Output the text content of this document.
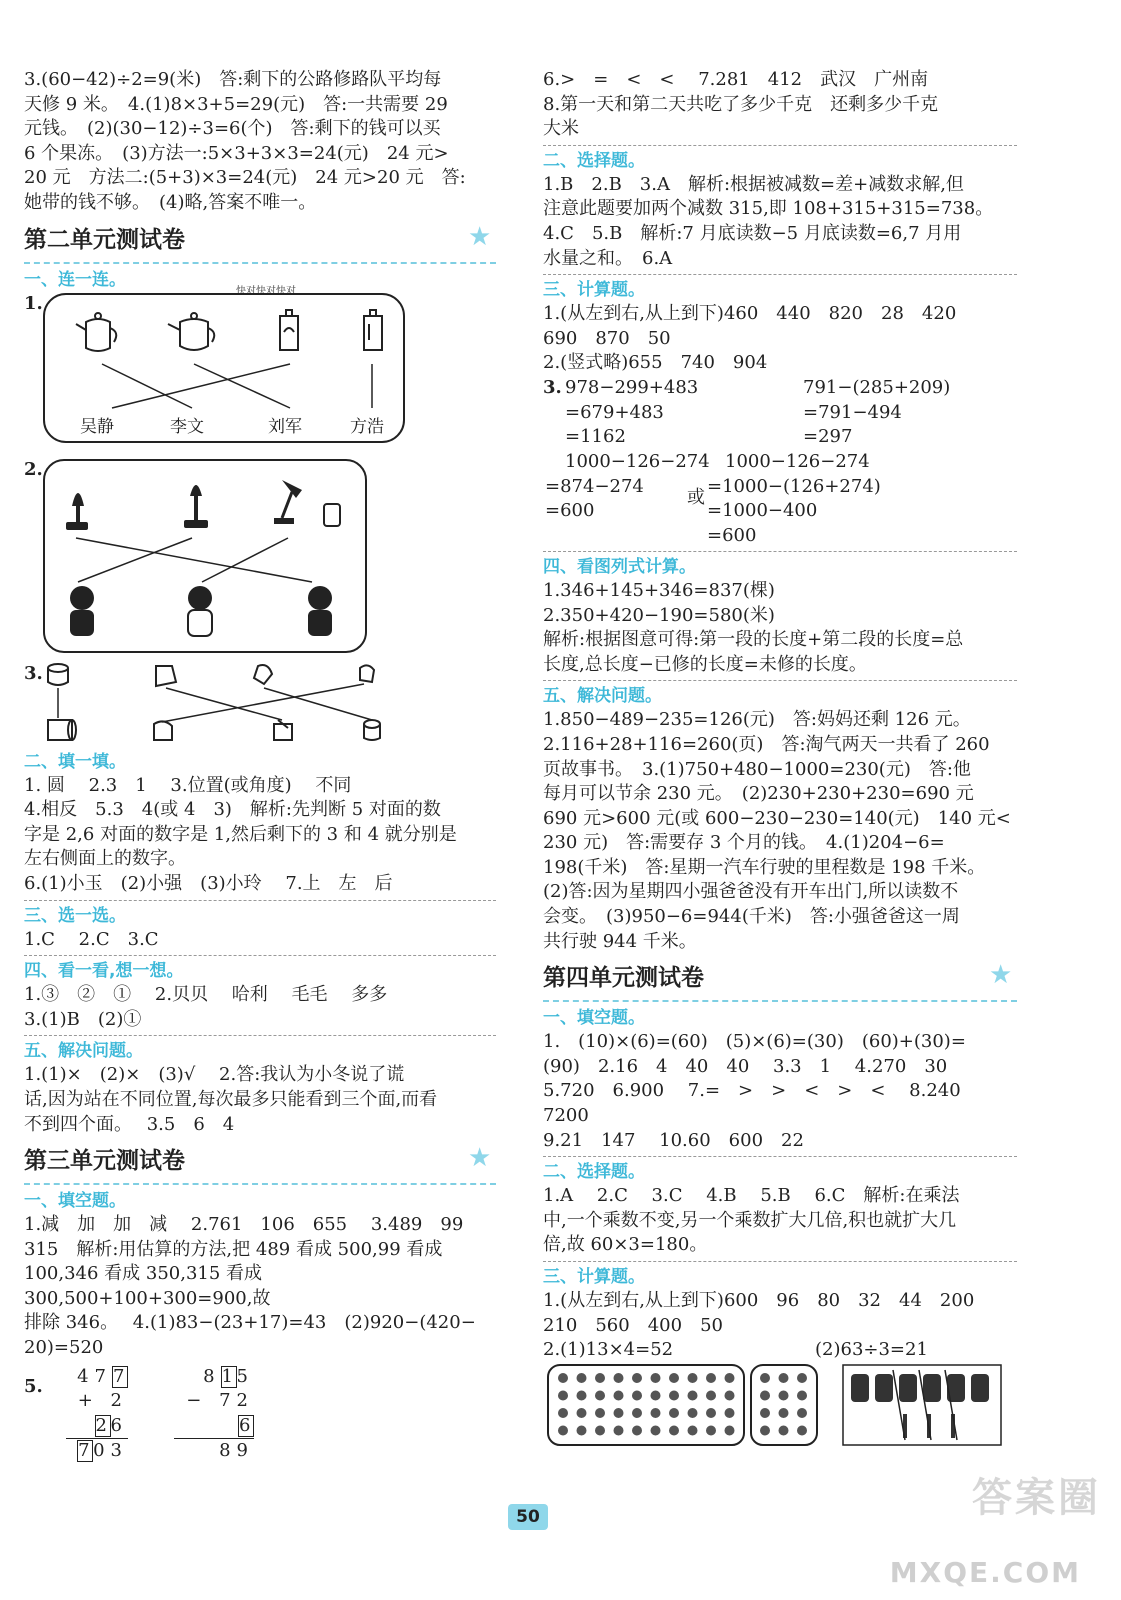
3.(60−42)÷2=9(米)　答:剩下的公路修路队平均每

天修 9 米。　4.(1)8×3+5=29(元)　答:一共需要 29

元钱。　(2)(30−12)÷3=6(个)　答:剩下的钱可以买

6 个果冻。　(3)方法一:5×3+3×3=24(元)　24 元>

20 元　方法二:(5+3)×3=24(元)　24 元>20 元　答:

她带的钱不够。　(4)略,答案不唯一。

第二单元测试卷	★
一、连一连。
1.
快对快对快对
吴静	李文	刘军	方浩
2.
3.
二、填一填。

1. 圆　 2.3　1　 3.位置(或角度)　 不同

4.相反　5.3　4(或 4　3)　解析:先判断 5 对面的数

字是 2,6 对面的数字是 1,然后剩下的 3 和 4 就分别是

左右侧面上的数字。

6.(1)小玉　(2)小强　(3)小玲　 7.上　左　后

三、选一选。

1.C　 2.C　3.C

四、看一看,想一想。

1.③　②　①　 2.贝贝　 哈利　 毛毛　 多多

3.(1)B　(2)①

五、解决问题。

1.(1)×　(2)×　(3)√　 2.答:我认为小冬说了谎

话,因为站在不同位置,每次最多只能看到三个面,而看

不到四个面。　 3.5　6　4

第三单元测试卷	★
一、填空题。

1.减　加　加　减　 2.761　106　655　 3.489　99

315　解析:用估算的方法,把 489 看成 500,99 看成

100,346 看成 350,315 看成 300,500+100+300=900,故

排除 346。　 4.(1)83−(23+17)=43　(2)920−(420−

20)=520

5.	477
+ 226
703
815
− 726
89

6.>　=　<　<　 7.281　412　武汉　广州南

8.第一天和第二天共吃了多少千克　还剩多少千克

大米

二、选择题。

1.B　2.B　3.A　解析:根据被减数=差+减数求解,但

注意此题要加两个减数 315,即 108+315+315=738。

4.C　5.B　解析:7 月底读数−5 月底读数=6,7 月用

水量之和。　6.A

三、计算题。

1.(从左到右,从上到下)460　440　820　28　420

690　870　50

2.(竖式略)655　740　904

3. 978−299+483
=679+483
=1162
791−(285+209)
=791−494
=297
1000−126−274
=874−274
=600
或
1000−126−274
=1000−(126+274)
=1000−400
=600
四、看图列式计算。

1.346+145+346=837(棵)　2.350+420−190=580(米)

解析:根据图意可得:第一段的长度+第二段的长度=总

长度,总长度−已修的长度=未修的长度。

五、解决问题。

1.850−489−235=126(元)　答:妈妈还剩 126 元。

2.116+28+116=260(页)　答:淘气两天一共看了 260

页故事书。　3.(1)750+480−1000=230(元)　答:他

每月可以节余 230 元。　(2)230+230+230=690 元

690 元>600 元(或 600−230−230=140(元)　140 元<

230 元)　答:需要存 3 个月的钱。　4.(1)204−6=

198(千米)　答:星期一汽车行驶的里程数是 198 千米。

(2)答:因为星期四小强爸爸没有开车出门,所以读数不

会变。　(3)950−6=944(千米)　答:小强爸爸这一周

共行驶 944 千米。

第四单元测试卷	★
一、填空题。

1.　(10)×(6)=(60)　(5)×(6)=(30)　(60)+(30)=

(90)　2.16　4　40　40　 3.3　1　 4.270　30

5.720　6.900　 7.=　>　>　<　>　<　 8.240　7200

9.21　147　 10.60　600　22

二、选择题。

1.A　 2.C　 3.C　 4.B　 5.B　 6.C　解析:在乘法

中,一个乘数不变,另一个乘数扩大几倍,积也就扩大几

倍,故 60×3=180。

三、计算题。

1.(从左到右,从上到下)600　96　80　32　44　200

210　560　400　50

2.(1)13×4=52	(2)63÷3=21
50	答案圈
MXQE.COM
